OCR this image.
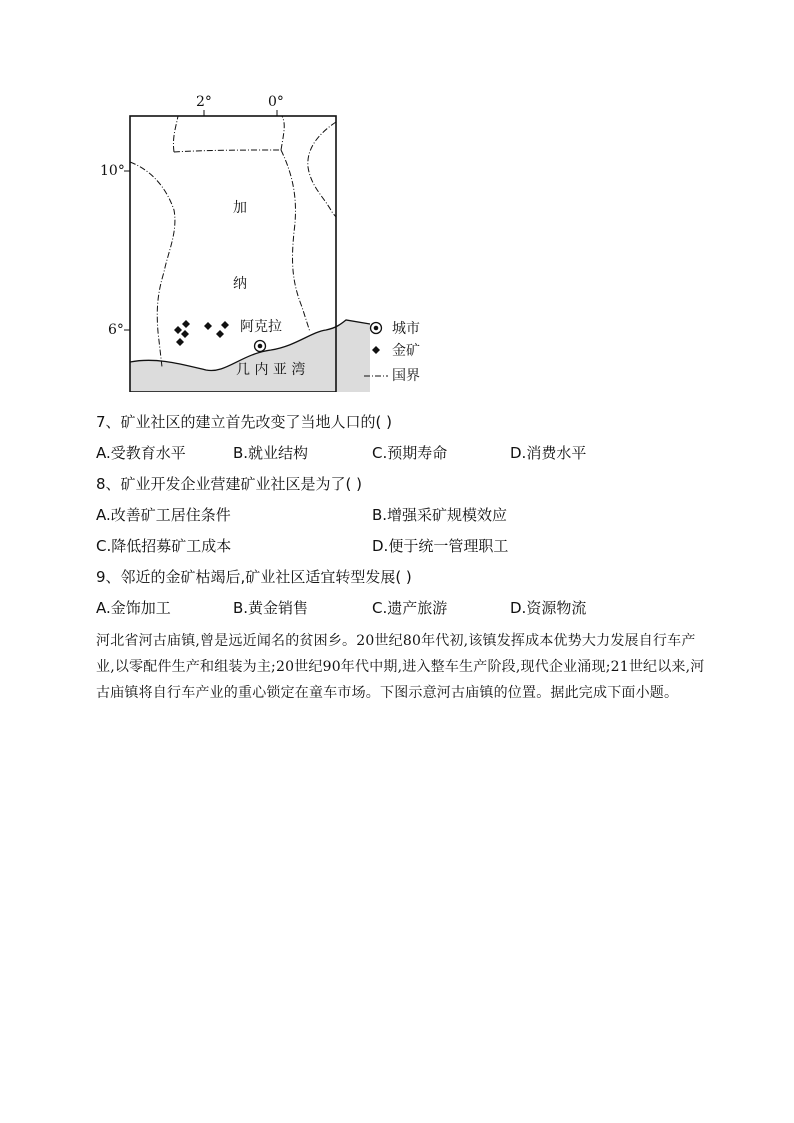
2°	0°
10°
6°
加
纳
阿克拉
几 内 亚 湾
城市
金矿
国界
7、矿业社区的建立首先改变了当地人口的( )
A.受教育水平	B.就业结构	C.预期寿命	D.消费水平
8、矿业开发企业营建矿业社区是为了( )
A.改善矿工居住条件	B.增强采矿规模效应
C.降低招募矿工成本	D.便于统一管理职工
9、邻近的金矿枯竭后,矿业社区适宜转型发展( )
A.金饰加工	B.黄金销售	C.遗产旅游	D.资源物流
河北省河古庙镇,曾是远近闻名的贫困乡。20世纪80年代初,该镇发挥成本优势大力发展自行车产业,以零配件生产和组装为主;20世纪90年代中期,进入整车生产阶段,现代企业涌现;21世纪以来,河古庙镇将自行车产业的重心锁定在童车市场。下图示意河古庙镇的位置。据此完成下面小题。
